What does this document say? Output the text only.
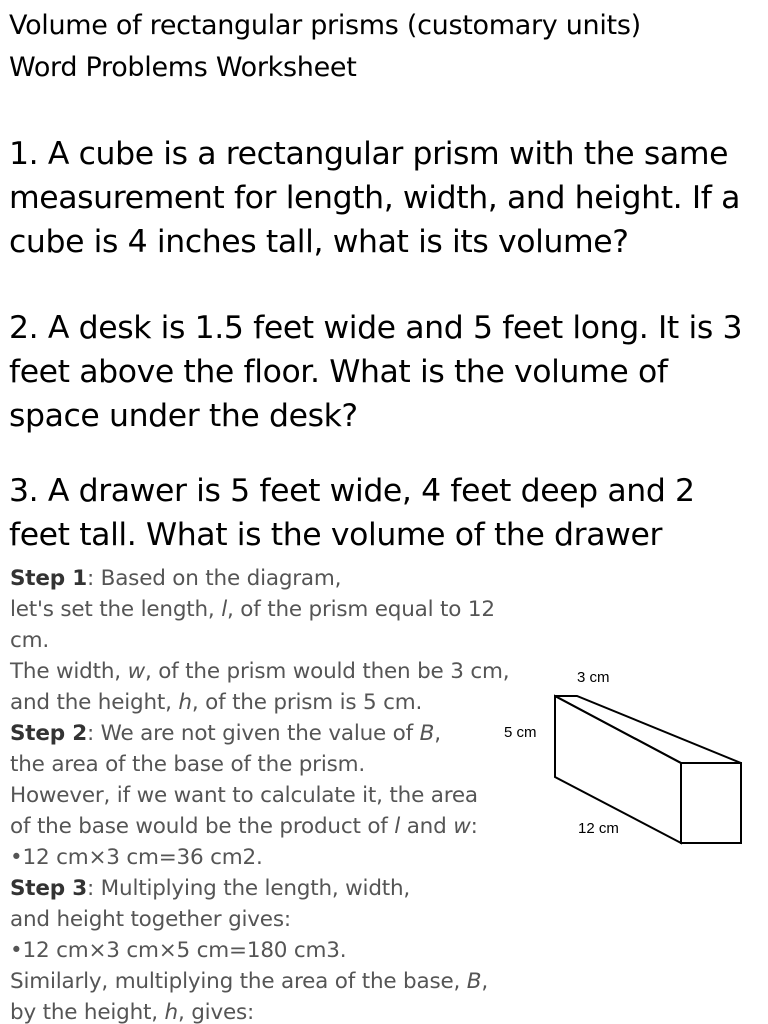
Volume of rectangular prisms (customary units)
Word Problems Worksheet
1. A cube is a rectangular prism with the same
measurement for length, width, and height. If a
cube is 4 inches tall, what is its volume?
2. A desk is 1.5 feet wide and 5 feet long. It is 3
feet above the floor. What is the volume of
space under the desk?
3. A drawer is 5 feet wide, 4 feet deep and 2
feet tall. What is the volume of the drawer
Step 1: Based on the diagram,
let's set the length, l, of the prism equal to 12
cm.
The width, w, of the prism would then be 3 cm,
and the height, h, of the prism is 5 cm.
Step 2: We are not given the value of B,
the area of the base of the prism.
However, if we want to calculate it, the area
of the base would be the product of l and w:
•12 cm×3 cm=36 cm2.
Step 3: Multiplying the length, width,
and height together gives:
•12 cm×3 cm×5 cm=180 cm3.
Similarly, multiplying the area of the base, B,
by the height, h, gives:
3 cm
5 cm
12 cm
